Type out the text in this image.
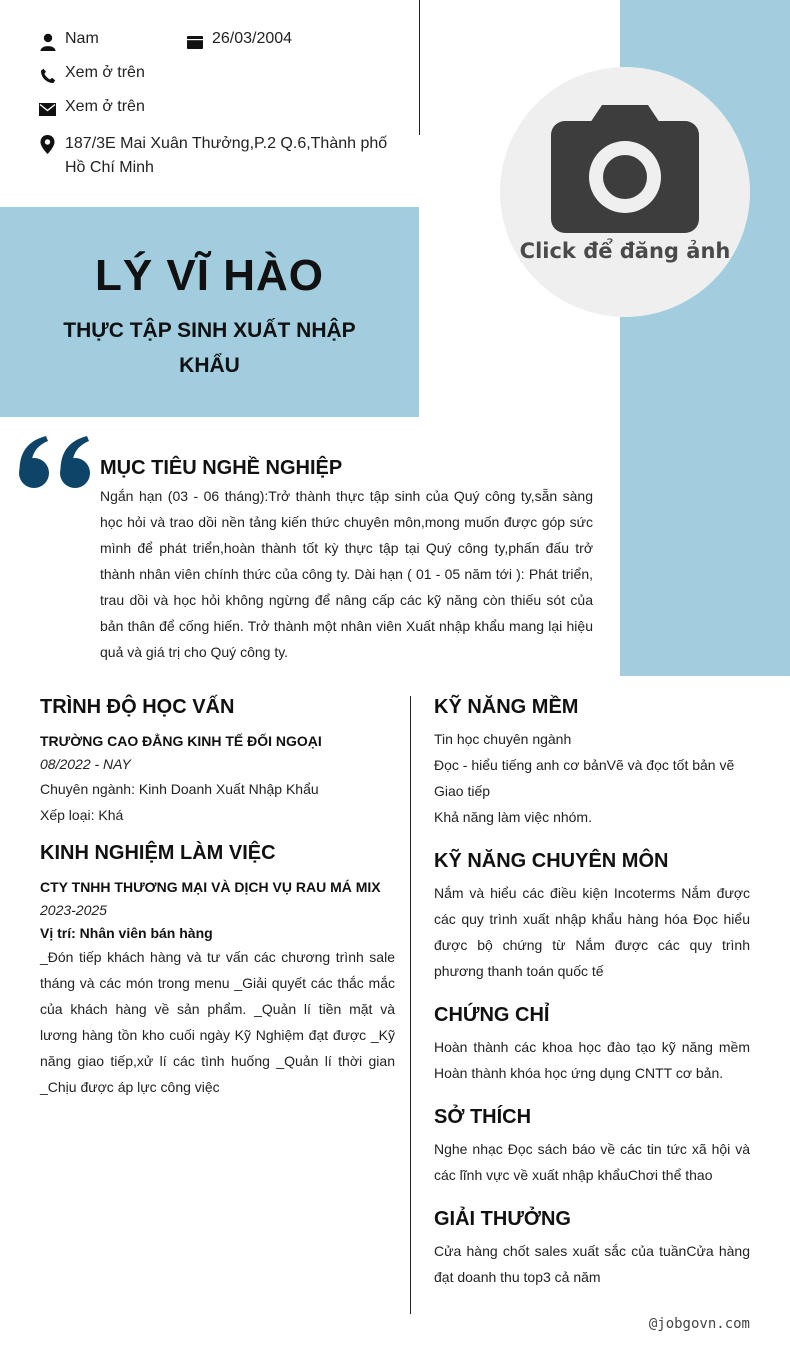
Nam	26/03/2004
Xem ở trên
Xem ở trên
187/3E Mai Xuân Thưởng,P.2 Q.6,Thành phố Hồ Chí Minh
LÝ VĨ HÀO
THỰC TẬP SINH XUẤT NHẬP KHẨU
Click để đăng ảnh
MỤC TIÊU NGHỀ NGHIỆP

Ngắn hạn (03 - 06 tháng):Trở thành thực tập sinh của Quý công ty,sẵn sàng học hỏi và trao dồi nền tảng kiến thức chuyên môn,mong muốn được góp sức mình để phát triển,hoàn thành tốt kỳ thực tập tại Quý công ty,phấn đấu trở thành nhân viên chính thức của công ty. Dài hạn ( 01 - 05 năm tới ): Phát triển, trau dồi và học hỏi không ngừng để nâng cấp các kỹ năng còn thiếu sót của bản thân để cống hiến. Trở thành một nhân viên Xuất nhập khẩu mang lại hiệu quả và giá trị cho Quý công ty.

TRÌNH ĐỘ HỌC VẤN
TRƯỜNG CAO ĐẲNG KINH TẾ ĐỐI NGOẠI
08/2022 - NAY
Chuyên ngành: Kinh Doanh Xuất Nhập Khẩu
Xếp loại: Khá
KINH NGHIỆM LÀM VIỆC
CTY TNHH THƯƠNG MẠI VÀ DỊCH VỤ RAU MÁ MIX
2023-2025
Vị trí: Nhân viên bán hàng

_Đón tiếp khách hàng và tư vấn các chương trình sale tháng và các món trong menu _Giải quyết các thắc mắc của khách hàng về sản phẩm. _Quản lí tiền mặt và lương hàng tồn kho cuối ngày Kỹ Nghiệm đạt được _Kỹ năng giao tiếp,xử lí các tình huống _Quản lí thời gian _Chịu được áp lực công việc

KỸ NĂNG MỀM
Tin học chuyên ngành
Đọc - hiểu tiếng anh cơ bảnVẽ và đọc tốt bản vẽ
Giao tiếp
Khả năng làm việc nhóm.
KỸ NĂNG CHUYÊN MÔN

Nắm và hiểu các điều kiện Incoterms Nắm được các quy trình xuất nhập khẩu hàng hóa Đọc hiểu được bộ chứng từ Nắm được các quy trình phương thanh toán quốc tế

CHỨNG CHỈ

Hoàn thành các khoa học đào tạo kỹ năng mềm Hoàn thành khóa học ứng dụng CNTT cơ bản.

SỞ THÍCH

Nghe nhạc Đọc sách báo về các tin tức xã hội và các lĩnh vực về xuất nhập khẩuChơi thể thao

GIẢI THƯỞNG

Cửa hàng chốt sales xuất sắc của tuầnCửa hàng đạt doanh thu top3 cả năm

@jobgovn.com
